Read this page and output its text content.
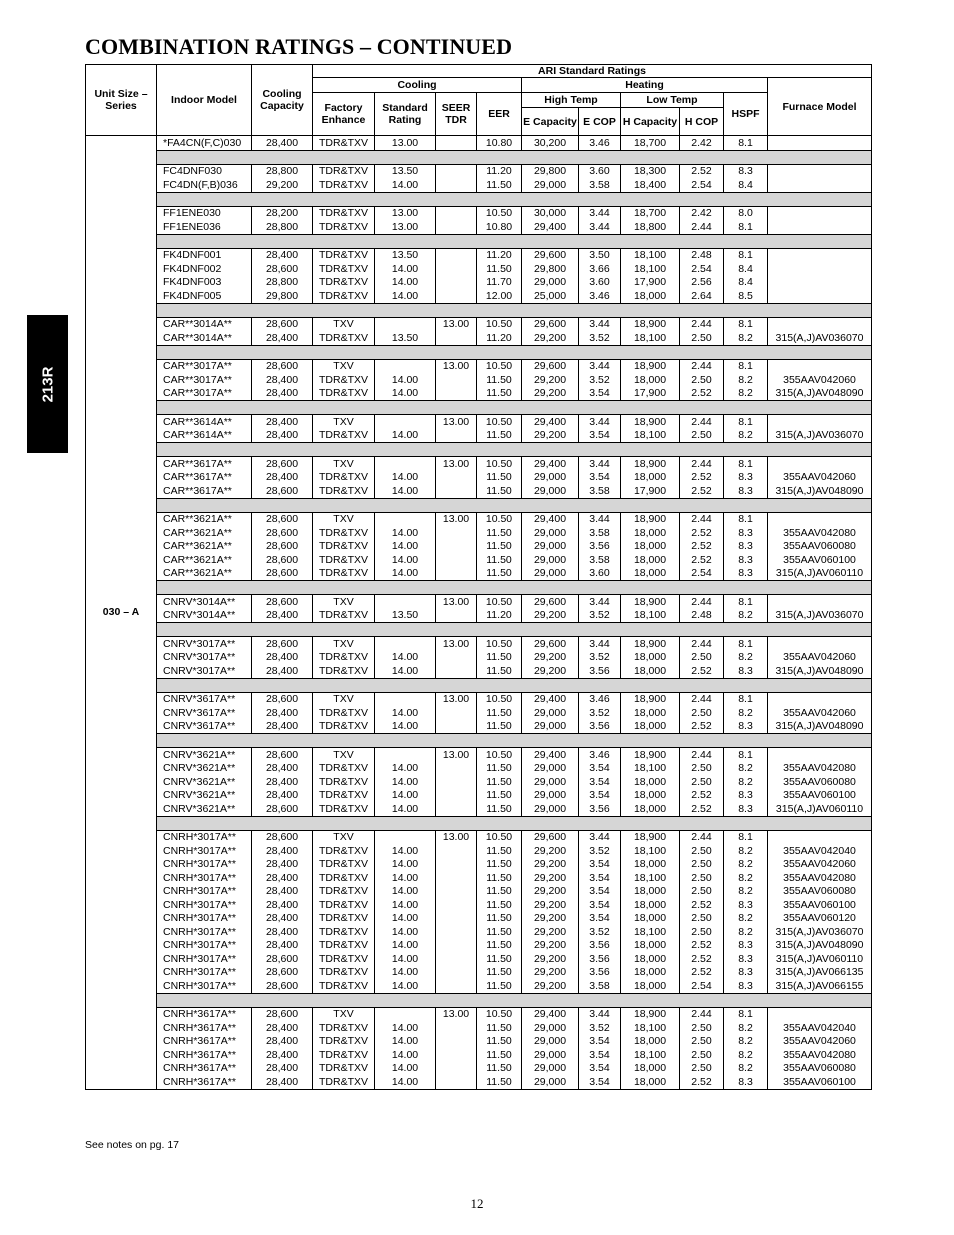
COMBINATION RATINGS – CONTINUED
213R
Unit Size – Series	Indoor Model	Cooling Capacity	ARI Standard Ratings									
			Cooling				Heating					Furnace Model
			Factory Enhance	Standard Rating	SEER TDR	EER	High Temp		Low Temp		HSPF	
							E Capacity	E COP	H Capacity	H COP		
030 – A	*FA4CN(F,C)030	28,400	TDR&TXV	13.00		10.80	30,200	3.46	18,700	2.42	8.1	

	FC4DNF030	28,800	TDR&TXV	13.50		11.20	29,800	3.60	18,300	2.52	8.3	
	FC4DN(F,B)036	29,200	TDR&TXV	14.00		11.50	29,000	3.58	18,400	2.54	8.4	

	FF1ENE030	28,200	TDR&TXV	13.00		10.50	30,000	3.44	18,700	2.42	8.0	
	FF1ENE036	28,800	TDR&TXV	13.00		10.80	29,400	3.44	18,800	2.44	8.1	

	FK4DNF001	28,400	TDR&TXV	13.50		11.20	29,600	3.50	18,100	2.48	8.1	
	FK4DNF002	28,600	TDR&TXV	14.00		11.50	29,800	3.66	18,100	2.54	8.4	
	FK4DNF003	28,800	TDR&TXV	14.00		11.70	29,000	3.60	17,900	2.56	8.4	
	FK4DNF005	29,800	TDR&TXV	14.00		12.00	25,000	3.46	18,000	2.64	8.5	

	CAR**3014A**	28,600	TXV		13.00	10.50	29,600	3.44	18,900	2.44	8.1	
	CAR**3014A**	28,400	TDR&TXV	13.50		11.20	29,200	3.52	18,100	2.50	8.2	315(A,J)AV036070

	CAR**3017A**	28,600	TXV		13.00	10.50	29,600	3.44	18,900	2.44	8.1	
	CAR**3017A**	28,400	TDR&TXV	14.00		11.50	29,200	3.52	18,000	2.50	8.2	355AAV042060
	CAR**3017A**	28,400	TDR&TXV	14.00		11.50	29,200	3.54	17,900	2.52	8.2	315(A,J)AV048090

	CAR**3614A**	28,400	TXV		13.00	10.50	29,400	3.44	18,900	2.44	8.1	
	CAR**3614A**	28,400	TDR&TXV	14.00		11.50	29,200	3.54	18,100	2.50	8.2	315(A,J)AV036070

	CAR**3617A**	28,600	TXV		13.00	10.50	29,400	3.44	18,900	2.44	8.1	
	CAR**3617A**	28,400	TDR&TXV	14.00		11.50	29,000	3.54	18,000	2.52	8.3	355AAV042060
	CAR**3617A**	28,600	TDR&TXV	14.00		11.50	29,000	3.58	17,900	2.52	8.3	315(A,J)AV048090

	CAR**3621A**	28,600	TXV		13.00	10.50	29,400	3.44	18,900	2.44	8.1	
	CAR**3621A**	28,600	TDR&TXV	14.00		11.50	29,000	3.58	18,000	2.52	8.3	355AAV042080
	CAR**3621A**	28,600	TDR&TXV	14.00		11.50	29,000	3.56	18,000	2.52	8.3	355AAV060080
	CAR**3621A**	28,600	TDR&TXV	14.00		11.50	29,000	3.58	18,000	2.52	8.3	355AAV060100
	CAR**3621A**	28,600	TDR&TXV	14.00		11.50	29,000	3.60	18,000	2.54	8.3	315(A,J)AV060110

	CNRV*3014A**	28,600	TXV		13.00	10.50	29,600	3.44	18,900	2.44	8.1	
	CNRV*3014A**	28,400	TDR&TXV	13.50		11.20	29,200	3.52	18,100	2.48	8.2	315(A,J)AV036070

	CNRV*3017A**	28,600	TXV		13.00	10.50	29,600	3.44	18,900	2.44	8.1	
	CNRV*3017A**	28,400	TDR&TXV	14.00		11.50	29,200	3.52	18,000	2.50	8.2	355AAV042060
	CNRV*3017A**	28,400	TDR&TXV	14.00		11.50	29,200	3.56	18,000	2.52	8.3	315(A,J)AV048090

	CNRV*3617A**	28,600	TXV		13.00	10.50	29,400	3.46	18,900	2.44	8.1	
	CNRV*3617A**	28,400	TDR&TXV	14.00		11.50	29,000	3.52	18,000	2.50	8.2	355AAV042060
	CNRV*3617A**	28,400	TDR&TXV	14.00		11.50	29,000	3.56	18,000	2.52	8.3	315(A,J)AV048090

	CNRV*3621A**	28,600	TXV		13.00	10.50	29,400	3.46	18,900	2.44	8.1	
	CNRV*3621A**	28,400	TDR&TXV	14.00		11.50	29,000	3.54	18,100	2.50	8.2	355AAV042080
	CNRV*3621A**	28,400	TDR&TXV	14.00		11.50	29,000	3.54	18,000	2.50	8.2	355AAV060080
	CNRV*3621A**	28,400	TDR&TXV	14.00		11.50	29,000	3.54	18,000	2.52	8.3	355AAV060100
	CNRV*3621A**	28,600	TDR&TXV	14.00		11.50	29,000	3.56	18,000	2.52	8.3	315(A,J)AV060110

	CNRH*3017A**	28,600	TXV		13.00	10.50	29,600	3.44	18,900	2.44	8.1	
	CNRH*3017A**	28,400	TDR&TXV	14.00		11.50	29,200	3.52	18,100	2.50	8.2	355AAV042040
	CNRH*3017A**	28,400	TDR&TXV	14.00		11.50	29,200	3.54	18,000	2.50	8.2	355AAV042060
	CNRH*3017A**	28,400	TDR&TXV	14.00		11.50	29,200	3.54	18,100	2.50	8.2	355AAV042080
	CNRH*3017A**	28,400	TDR&TXV	14.00		11.50	29,200	3.54	18,000	2.50	8.2	355AAV060080
	CNRH*3017A**	28,400	TDR&TXV	14.00		11.50	29,200	3.54	18,000	2.52	8.3	355AAV060100
	CNRH*3017A**	28,400	TDR&TXV	14.00		11.50	29,200	3.54	18,000	2.50	8.2	355AAV060120
	CNRH*3017A**	28,400	TDR&TXV	14.00		11.50	29,200	3.52	18,100	2.50	8.2	315(A,J)AV036070
	CNRH*3017A**	28,400	TDR&TXV	14.00		11.50	29,200	3.56	18,000	2.52	8.3	315(A,J)AV048090
	CNRH*3017A**	28,600	TDR&TXV	14.00		11.50	29,200	3.56	18,000	2.52	8.3	315(A,J)AV060110
	CNRH*3017A**	28,600	TDR&TXV	14.00		11.50	29,200	3.56	18,000	2.52	8.3	315(A,J)AV066135
	CNRH*3017A**	28,600	TDR&TXV	14.00		11.50	29,200	3.58	18,000	2.54	8.3	315(A,J)AV066155

	CNRH*3617A**	28,600	TXV		13.00	10.50	29,400	3.44	18,900	2.44	8.1	
	CNRH*3617A**	28,400	TDR&TXV	14.00		11.50	29,000	3.52	18,100	2.50	8.2	355AAV042040
	CNRH*3617A**	28,400	TDR&TXV	14.00		11.50	29,000	3.54	18,000	2.50	8.2	355AAV042060
	CNRH*3617A**	28,400	TDR&TXV	14.00		11.50	29,000	3.54	18,100	2.50	8.2	355AAV042080
	CNRH*3617A**	28,400	TDR&TXV	14.00		11.50	29,000	3.54	18,000	2.50	8.2	355AAV060080
	CNRH*3617A**	28,400	TDR&TXV	14.00		11.50	29,000	3.54	18,000	2.52	8.3	355AAV060100
See notes on pg. 17
12
